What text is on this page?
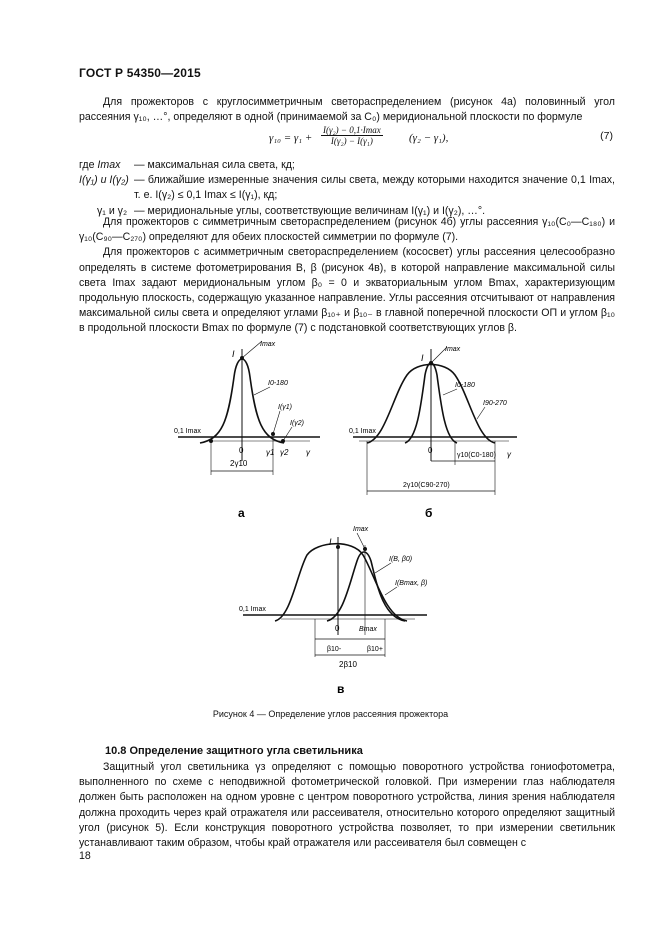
ГОСТ Р 54350—2015

Для прожекторов с круглосимметричным светораспределением (рисунок 4а) половинный угол рассеяния γ₁₀, …°, определяют в одной (принимаемой за C₀) меридиональной плоскости по формуле

γ₁₀ = γ₁ +
I(γ₂) − 0,1·Imax
I(γ₂) − I(γ₁)	(γ₂ − γ₁),	(7)
где Imax	— максимальная сила света, кд;
I(γ₁) и I(γ₂) — ближайшие измеренные значения силы света, между которыми находится значение 0,1 Imax, т. е. I(γ₂) ≤ 0,1 Imax ≤ I(γ₁), кд;
γ₁ и γ₂ — меридиональные углы, соответствующие величинам I(γ₁) и I(γ₂), …°.

Для прожекторов с симметричным светораспределением (рисунок 4б) углы рассеяния γ₁₀(C₀—C₁₈₀) и γ₁₀(C₉₀—C₂₇₀) определяют для обеих плоскостей симметрии по формуле (7).

Для прожекторов с асимметричным светораспределением (кососвет) углы рассеяния целесообразно определять в системе фотометрирования B, β (рисунок 4в), в которой направление максимальной силы света Imax задают меридиональным углом β₀ = 0 и экваториальным углом Bmax, характеризующим продольную плоскость, содержащую указанное направление. Углы рассеяния отсчитывают от направления максимальной силы света и определяют углами β₁₀₊ и β₁₀₋ в главной поперечной плоскости ОП и углом β₁₀ в продольной плоскости Bmax по формуле (7) с подстановкой соответствующих углов β.

I
Imax
I0-180
I(γ1)
I(γ2)
0,1 Imax
0	γ1 γ2 γ
2γ10
а
I
Imax
I0-180
I90-270
0,1 Imax
0	γ
γ10(C0-180)
2γ10(C90-270)
б
I
Imax
I(B, β0)
I(Bmax, β)
0,1 Imax
0	Bmax
β10-	β10+
2β10
в
Рисунок 4 — Определение углов рассеяния прожектора
10.8 Определение защитного угла светильника

Защитный угол светильника γз определяют с помощью поворотного устройства гониофотометра, выполненного по схеме с неподвижной фотометрической головкой. При измерении глаз наблюдателя должен быть расположен на одном уровне с центром поворотного устройства, линия зрения наблюдателя должна проходить через край отражателя или рассеивателя, относительно которого определяют защитный угол (рисунок 5). Если конструкция поворотного устройства позволяет, то при измерении светильник устанавливают таким образом, чтобы край отражателя или рассеивателя был совмещен с

18
